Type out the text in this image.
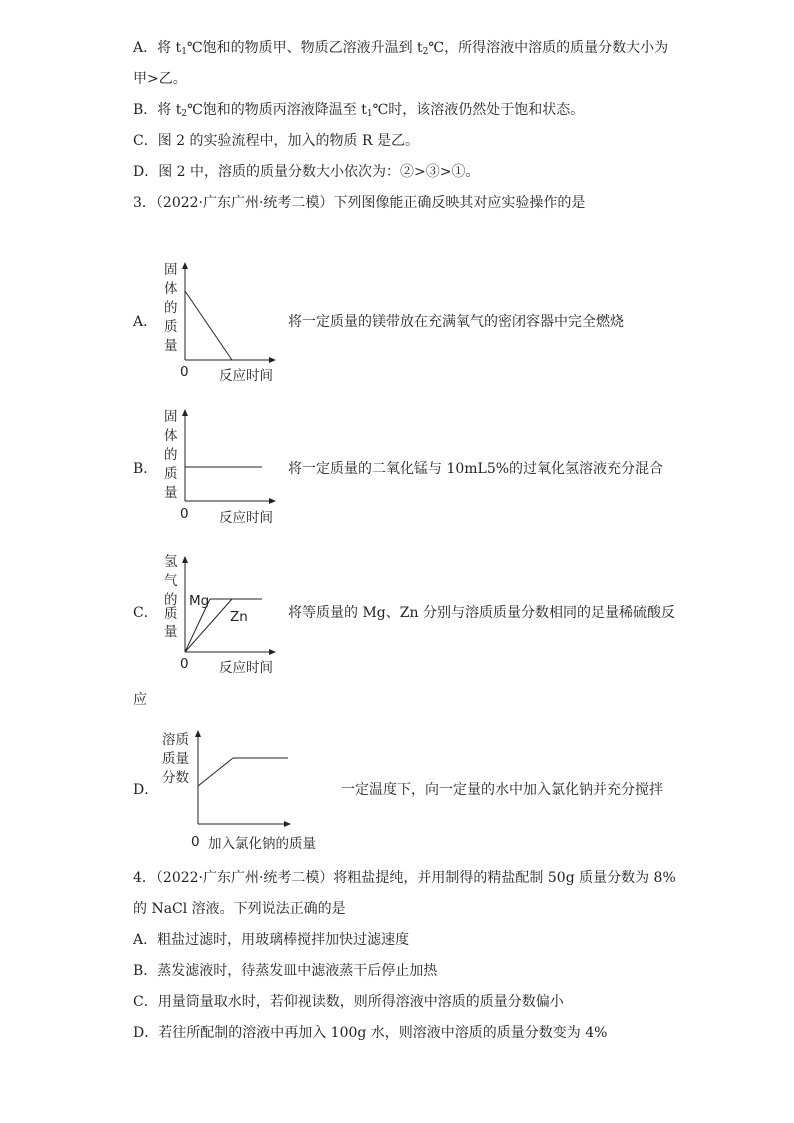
A．将 $t_1℃$饱和的物质甲、物质乙溶液升温到 $t_2℃$，所得溶液中溶质的质量分数大小为
甲>乙。
B．将 $t_2℃$饱和的物质丙溶液降温至 $t_1℃$时，该溶液仍然处于饱和状态。
C．图 2 的实验流程中，加入的物质 R 是乙。
D．图 2 中，溶质的质量分数大小依次为：②>③>①。
3．（2022·广东广州·统考二模）下列图像能正确反映其对应实验操作的是
A．
固
体
的
质
量
0 反应时间
将一定质量的镁带放在充满氧气的密闭容器中完全燃烧
B．
固
体
的
质
量
0 反应时间
将一定质量的二氧化锰与 10mL5%的过氧化氢溶液充分混合
C．
氢
气
的
质
量
Mg
Zn
0 反应时间
将等质量的 Mg、Zn 分别与溶质质量分数相同的足量稀硫酸反
应
D．
溶质
质量
分数
0 加入氯化钠的质量
一定温度下，向一定量的水中加入氯化钠并充分搅拌
4．（2022·广东广州·统考二模）将粗盐提纯，并用制得的精盐配制 50g 质量分数为 8%
的 NaCl 溶液。下列说法正确的是
A．粗盐过滤时，用玻璃棒搅拌加快过滤速度
B．蒸发滤液时，待蒸发皿中滤液蒸干后停止加热
C．用量筒量取水时，若仰视读数，则所得溶液中溶质的质量分数偏小
D．若往所配制的溶液中再加入 100g 水，则溶液中溶质的质量分数变为 4%
